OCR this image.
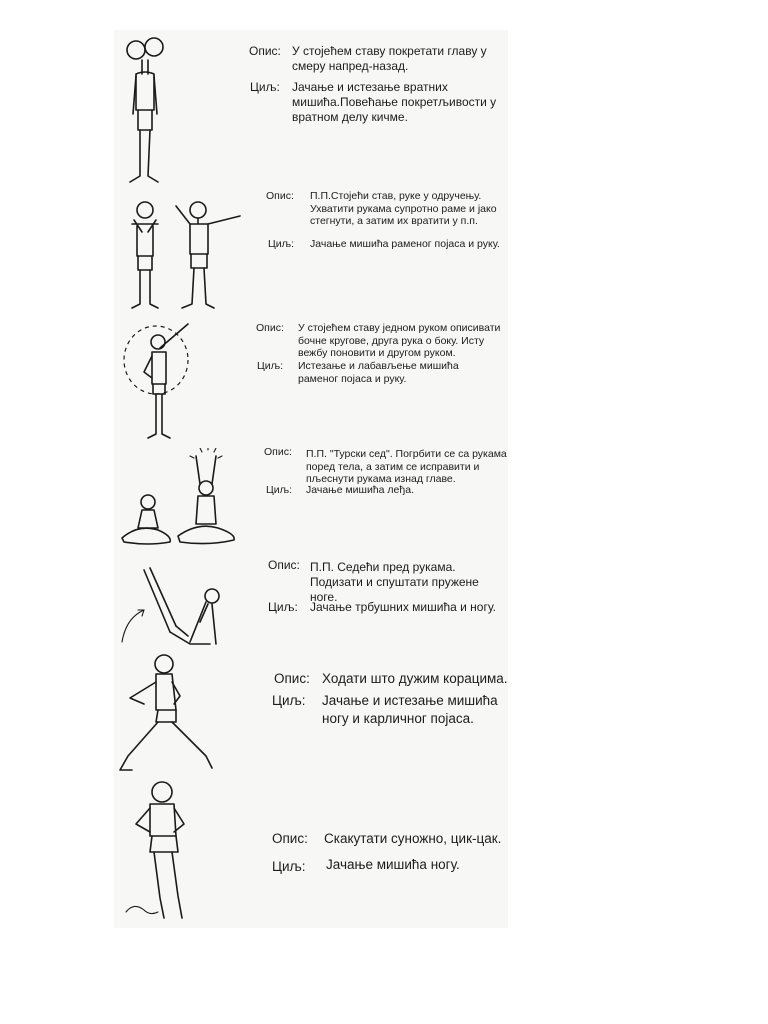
Опис: У стојећем ставу покретати главу у смеру напред-назад.
Циљ: Јачање и истезање вратних мишића.Повећање покретљивости у вратном делу кичме.
Опис: П.П.Стојећи став, руке у одручењу. Ухватити рукама супротно раме и јако стегнути, а затим их вратити у п.п.
Циљ: Јачање мишића раменог појаса и руку.
Опис: У стојећем ставу једном руком описивати бочне кругове, друга рука о боку. Исту вежбу поновити и другом руком.
Циљ: Истезање и лабављење мишића раменог појаса и руку.
Опис: П.П. "Турски сед". Погрбити се са рукама поред тела, а затим се исправити и пљеснути рукама изнад главе.
Циљ: Јачање мишића леђа.
Опис: П.П. Седећи пред рукама. Подизати и спуштати пружене ноге.
Циљ: Јачање трбушних мишића и ногу.
Опис: Ходати што дужим корацима.
Циљ: Јачање и истезање мишића ногу и карличног појаса.
Опис: Скакутати суножно, цик-цак.
Циљ: Јачање мишића ногу.
